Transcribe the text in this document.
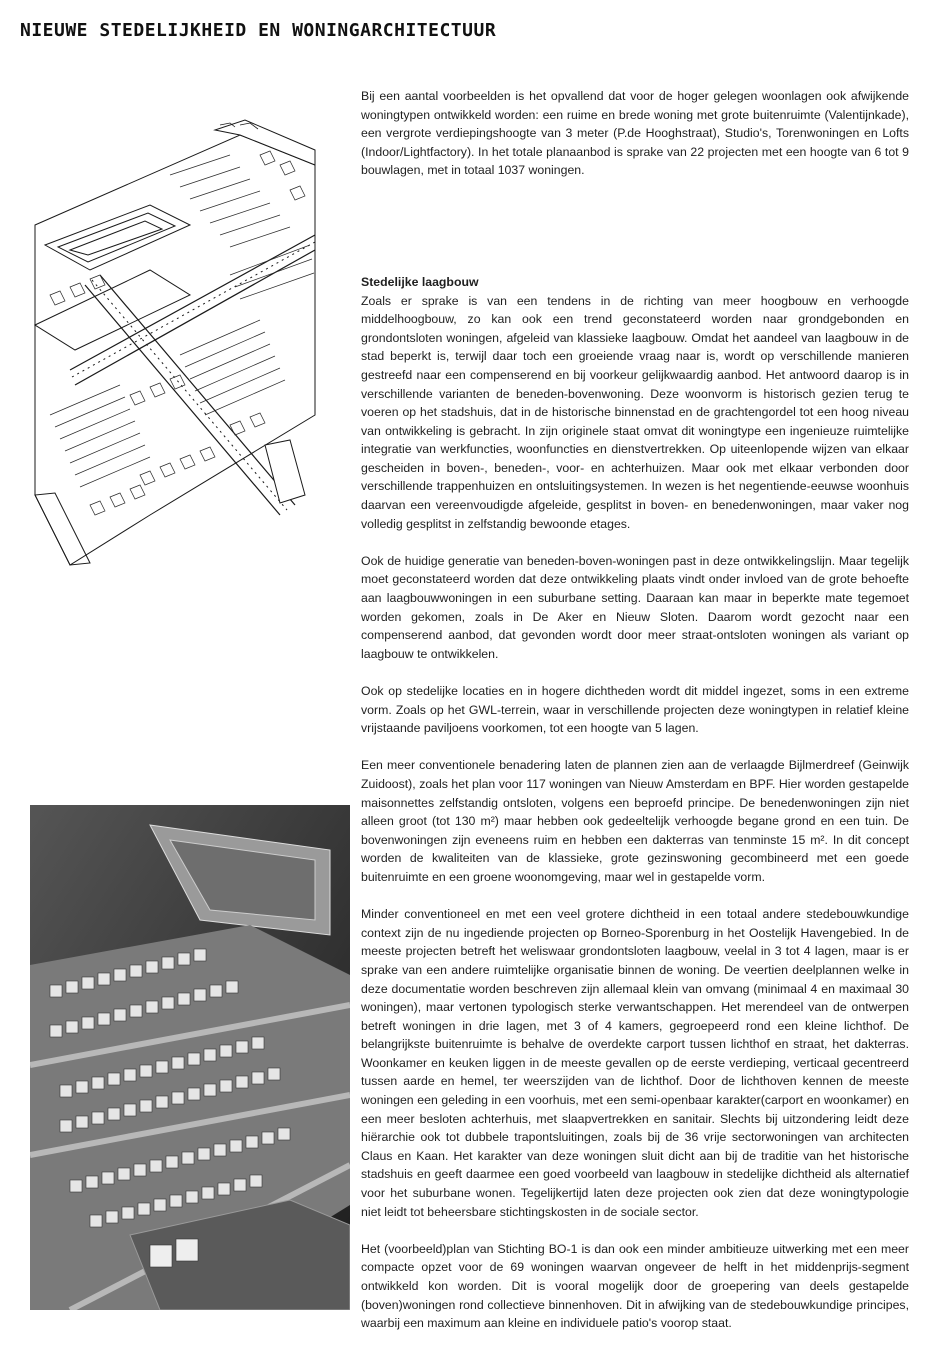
NIEUWE STEDELIJKHEID EN WONINGARCHITECTUUR

Bij een aantal voorbeelden is het opvallend dat voor de hoger gelegen woonlagen ook afwijkende woningtypen ontwikkeld worden: een ruime en brede woning met grote buitenruimte (Valentijnkade), een vergrote verdiepingshoogte van 3 meter (P.de Hooghstraat), Studio's, Torenwoningen en Lofts (Indoor/Lightfactory). In het totale planaanbod is sprake van 22 projecten met een hoogte van 6 tot 9 bouwlagen, met in totaal 1037 woningen.

Stedelijke laagbouw

Zoals er sprake is van een tendens in de richting van meer hoogbouw en verhoogde middelhoogbouw, zo kan ook een trend geconstateerd worden naar grondgebonden en grondontsloten woningen, afgeleid van klassieke laagbouw. Omdat het aandeel van laagbouw in de stad beperkt is, terwijl daar toch een groeiende vraag naar is, wordt op verschillende manieren gestreefd naar een compenserend en bij voorkeur gelijkwaardig aanbod. Het antwoord daarop is in verschillende varianten de beneden-bovenwoning. Deze woonvorm is historisch gezien terug te voeren op het stadshuis, dat in de historische binnenstad en de grachtengordel tot een hoog niveau van ontwikkeling is gebracht. In zijn originele staat omvat dit woningtype een ingenieuze ruimtelijke integratie van werkfuncties, woonfuncties en dienstvertrekken. Op uiteenlopende wijzen van elkaar gescheiden in boven-, beneden-, voor- en achterhuizen. Maar ook met elkaar verbonden door verschillende trappenhuizen en ontsluitingsystemen. In wezen is het negentiende-eeuwse woonhuis daarvan een vereenvoudigde afgeleide, gesplitst in boven- en benedenwoningen, maar vaker nog volledig gesplitst in zelfstandig bewoonde etages.

Ook de huidige generatie van beneden-boven-woningen past in deze ontwikkelingslijn. Maar tegelijk moet geconstateerd worden dat deze ontwikkeling plaats vindt onder invloed van de grote behoefte aan laagbouwwoningen in een suburbane setting. Daaraan kan maar in beperkte mate tegemoet worden gekomen, zoals in De Aker en Nieuw Sloten. Daarom wordt gezocht naar een compenserend aanbod, dat gevonden wordt door meer straat-ontsloten woningen als variant op laagbouw te ontwikkelen.

Ook op stedelijke locaties en in hogere dichtheden wordt dit middel ingezet, soms in een extreme vorm. Zoals op het GWL-terrein, waar in verschillende projecten deze woningtypen in relatief kleine vrijstaande paviljoens voorkomen, tot een hoogte van 5 lagen.

Een meer conventionele benadering laten de plannen zien aan de verlaagde Bijlmerdreef (Geinwijk Zuidoost), zoals het plan voor 117 woningen van Nieuw Amsterdam en BPF. Hier worden gestapelde maisonnettes zelfstandig ontsloten, volgens een beproefd principe. De benedenwoningen zijn niet alleen groot (tot 130 m²) maar hebben ook gedeeltelijk verhoogde begane grond en een tuin. De bovenwoningen zijn eveneens ruim en hebben een dakterras van tenminste 15 m². In dit concept worden de kwaliteiten van de klassieke, grote gezinswoning gecombineerd met een goede buitenruimte en een groene woonomgeving, maar wel in gestapelde vorm.

Minder conventioneel en met een veel grotere dichtheid in een totaal andere stedebouwkundige context zijn de nu ingediende projecten op Borneo-Sporenburg in het Oostelijk Havengebied. In de meeste projecten betreft het weliswaar grondontsloten laagbouw, veelal in 3 tot 4 lagen, maar is er sprake van een andere ruimtelijke organisatie binnen de woning. De veertien deelplannen welke in deze documentatie worden beschreven zijn allemaal klein van omvang (minimaal 4 en maximaal 30 woningen), maar vertonen typologisch sterke verwantschappen. Het merendeel van de ontwerpen betreft woningen in drie lagen, met 3 of 4 kamers, gegroepeerd rond een kleine lichthof. De belangrijkste buitenruimte is behalve de overdekte carport tussen lichthof en straat, het dakterras. Woonkamer en keuken liggen in de meeste gevallen op de eerste verdieping, verticaal gecentreerd tussen aarde en hemel, ter weerszijden van de lichthof. Door de lichthoven kennen de meeste woningen een geleding in een voorhuis, met een semi-openbaar karakter(carport en woonkamer) en een meer besloten achterhuis, met slaapvertrekken en sanitair. Slechts bij uitzondering leidt deze hiërarchie ook tot dubbele trapontsluitingen, zoals bij de 36 vrije sectorwoningen van architecten Claus en Kaan. Het karakter van deze woningen sluit dicht aan bij de traditie van het historische stadshuis en geeft daarmee een goed voorbeeld van laagbouw in stedelijke dichtheid als alternatief voor het suburbane wonen. Tegelijkertijd laten deze projecten ook zien dat deze woningtypologie niet leidt tot beheersbare stichtingskosten in de sociale sector.

Het (voorbeeld)plan van Stichting BO-1 is dan ook een minder ambitieuze uitwerking met een meer compacte opzet voor de 69 woningen waarvan ongeveer de helft in het middenprijs-segment ontwikkeld kon worden. Dit is vooral mogelijk door de groepering van deels gestapelde (boven)woningen rond collectieve binnenhoven. Dit in afwijking van de stedebouwkundige principes, waarbij een maximum aan kleine en individuele patio's voorop staat.
